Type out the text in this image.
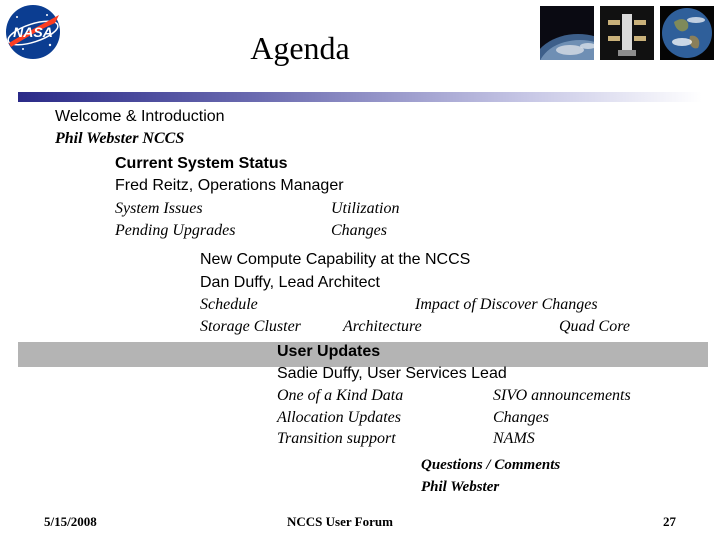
NASA	Agenda
Welcome & Introduction
Phil Webster NCCS
Current System Status
Fred Reitz, Operations Manager
System Issues	Utilization
Pending Upgrades	Changes
New Compute Capability at the NCCS
Dan Duffy, Lead Architect
Schedule	Impact of Discover Changes
Storage Cluster	Architecture	Quad Core
User Updates
Sadie Duffy, User Services Lead
One of a Kind Data	SIVO announcements
Allocation Updates	Changes
Transition support	NAMS
Questions / Comments
Phil Webster
5/15/2008	NCCS User Forum	27
